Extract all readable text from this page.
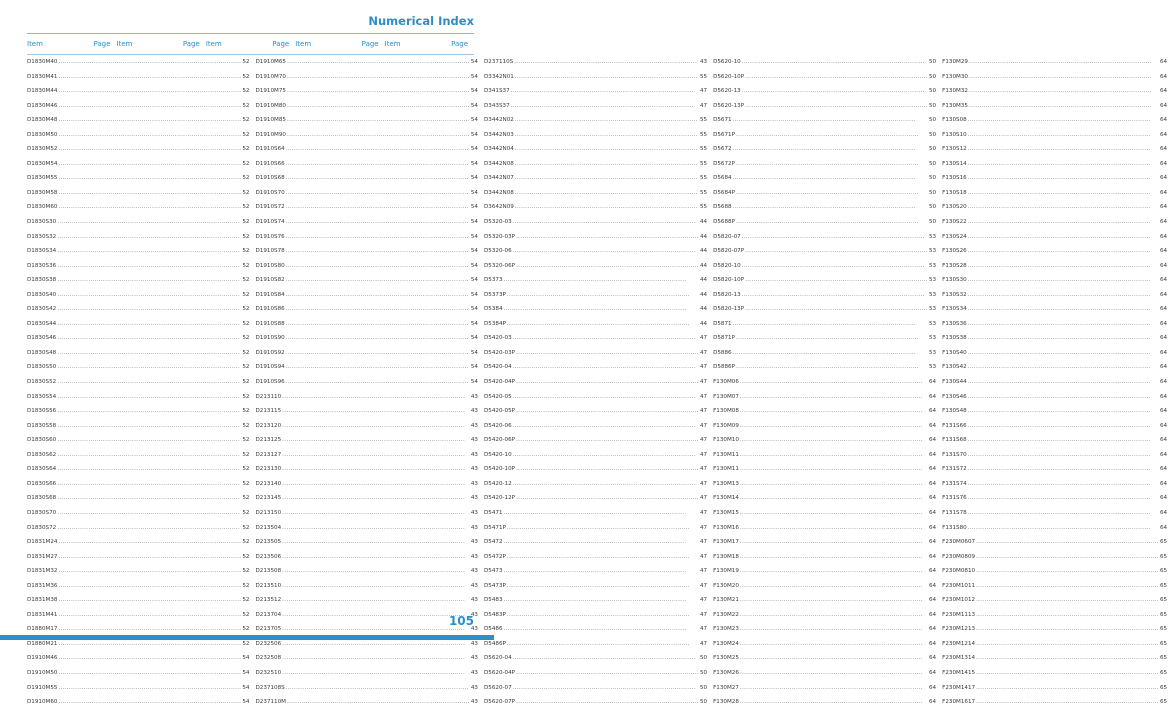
Numerical Index
Item	Page Item	Page Item	Page Item	Page Item	Page
D1830M40 .....	52
D1830M41 .....	52
D1830M44 .....	52
D1830M46 .....	52
D1830M48 .....	52
D1830M50 .....	52
D1830M52 .....	52
D1830M54 .....	52
D1830M55 .....	52
D1830M58 .....	52
D1830M60 .....	52
D1830S30 .....	52
D1830S32 .....	52
D1830S34 .....	52
D1830S36 .....	52
D1830S38 .....	52
D1830S40 .....	52
D1830S42 .....	52
D1830S44 .....	52
D1830S46 .....	52
D1830S48 .....	52
D1830S50 .....	52
D1830S52 .....	52
D1830S54 .....	52
D1830S56 .....	52
D1830S58 .....	52
D1830S60 .....	52
D1830S62 .....	52
D1830S64 .....	52
D1830S66 .....	52
D1830S68 .....	52
D1830S70 .....	52
D1830S72 .....	52
D1831M24 .....	52
D1831M27 .....	52
D1831M32 .....	52
D1831M36 .....	52
D1831M38 .....	52
D1831M41 .....	52
D1880M17 .....	52
D1880M21 .....	52
D1910M46 .....	54
D1910M50 .....	54
D1910M55 .....	54
D1910M60 .....	54
D1910M65 .....	54
D1910M70 .....	54
D1910M75 .....	54
D1910M80 .....	54
D1910M85 .....	54
D1910M90 .....	54
D1910S64 .....	54
D1910S66 .....	54
D1910S68 .....	54
D1910S70 .....	54
D1910S72 .....	54
D1910S74 .....	54
D1910S76 .....	54
D1910S78 .....	54
D1910S80 .....	54
D1910S82 .....	54
D1910S84 .....	54
D1910S86 .....	54
D1910S88 .....	54
D1910S90 .....	54
D1910S92 .....	54
D1910S94 .....	54
D1910S96 .....	54
D213110 .....	43
D213115 .....	43
D213120 .....	43
D213125 .....	43
D213127 .....	43
D213130 .....	43
D213140 .....	43
D213145 .....	43
D213150 .....	43
D213504 .....	43
D213505 .....	43
D213506 .....	43
D213508 .....	43
D213510 .....	43
D213512 .....	43
D213704 .....	43
D213705 .....	43
D232506 .....	43
D232508 .....	43
D232510 .....	43
D237108S .....	43
D237110M .....	43
D237110S .....	43
D3342N01 .....	55
D341S37 .....	47
D343S37 .....	47
D3442N02 .....	55
D3442N03 .....	55
D3442N04 .....	55
D3442N08 .....	55
D3442N07 .....	55
D3442N08 .....	55
D3642N09 .....	55
D5320-03 .....	44
D5320-03P .....	44
D5320-06 .....	44
D5320-06P .....	44
D5373 .....	44
D5373P .....	44
D5384 .....	44
D5384P .....	44
D5420-03 .....	47
D5420-03P .....	47
D5420-04 .....	47
D5420-04P .....	47
D5420-05 .....	47
D5420-05P .....	47
D5420-06 .....	47
D5420-06P .....	47
D5420-10 .....	47
D5420-10P .....	47
D5420-12 .....	47
D5420-12P .....	47
D5471 .....	47
D5471P .....	47
D5472 .....	47
D5472P .....	47
D5473 .....	47
D5473P .....	47
D5483 .....	47
D5483P .....	47
D5486 .....	47
D5486P .....	47
D5620-04 .....	50
D5620-04P .....	50
D5620-07 .....	50
D5620-07P .....	50
D5620-10 .....	50
D5620-10P .....	50
D5620-13 .....	50
D5620-13P .....	50
D5671 .....	50
D5671P .....	50
D5672 .....	50
D5672P .....	50
D5684 .....	50
D5684P .....	50
D5688 .....	50
D5688P .....	50
D5820-07 .....	53
D5820-07P .....	53
D5820-10 .....	53
D5820-10P .....	53
D5820-13 .....	53
D5820-13P .....	53
D5871 .....	53
D5871P .....	53
D5886 .....	53
D5886P .....	53
F130M06 .....	64
F130M07 .....	64
F130M08 .....	64
F130M09 .....	64
F130M10 .....	64
F130M11 .....	64
F130M11 .....	64
F130M13 .....	64
F130M14 .....	64
F130M15 .....	64
F130M16 .....	64
F130M17 .....	64
F130M18 .....	64
F130M19 .....	64
F130M20 .....	64
F130M21 .....	64
F130M22 .....	64
F130M23 .....	64
F130M24 .....	64
F130M25 .....	64
F130M26 .....	64
F130M27 .....	64
F130M28 .....	64
F130M29 .....	64
F130M30 .....	64
F130M32 .....	64
F130M35 .....	64
F130S08 .....	64
F130S10 .....	64
F130S12 .....	64
F130S14 .....	64
F130S16 .....	64
F130S18 .....	64
F130S20 .....	64
F130S22 .....	64
F130S24 .....	64
F130S26 .....	64
F130S28 .....	64
F130S30 .....	64
F130S32 .....	64
F130S34 .....	64
F130S36 .....	64
F130S38 .....	64
F130S40 .....	64
F130S42 .....	64
F130S44 .....	64
F130S46 .....	64
F130S48 .....	64
F131S66 .....	64
F131S68 .....	64
F131S70 .....	64
F131S72 .....	64
F131S74 .....	64
F131S76 .....	64
F131S78 .....	64
F131S80 .....	64
F230M0607 .....	65
F230M0809 .....	65
F230M0810 .....	65
F230M1011 .....	65
F230M1012 .....	65
F230M1113 .....	65
F230M1213 .....	65
F230M1214 .....	65
F230M1314 .....	65
F230M1415 .....	65
F230M1417 .....	65
F230M1617 .....	65
105
